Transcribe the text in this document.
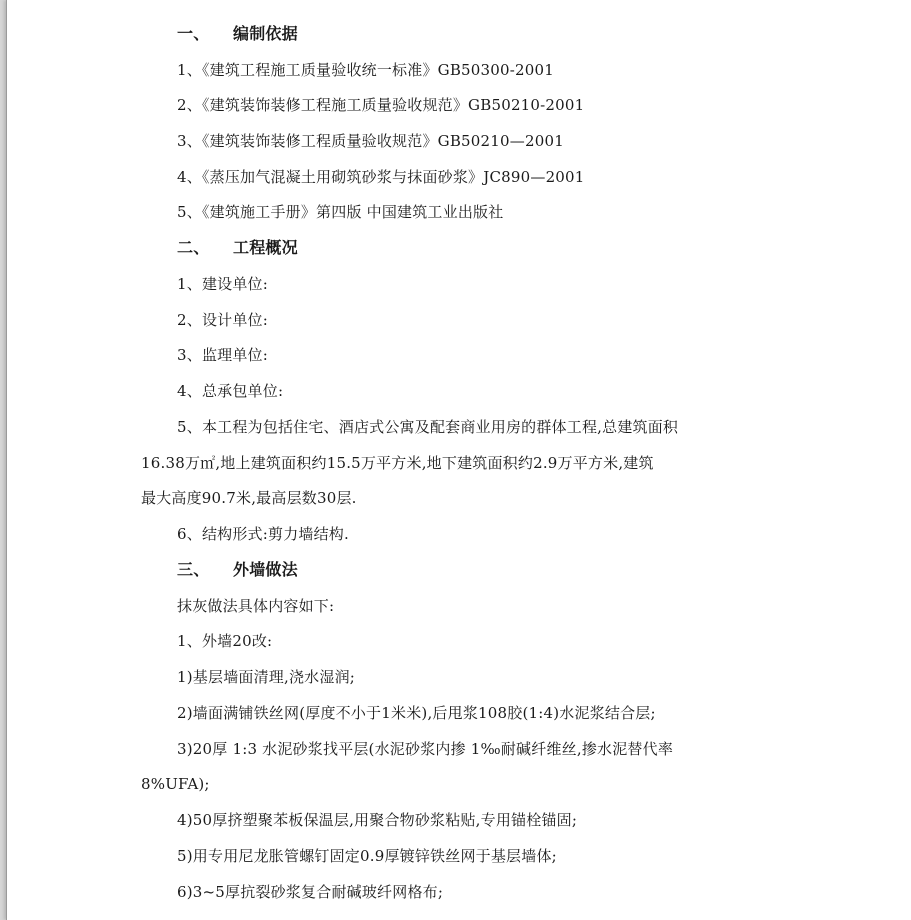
一、 编制依据
1、《建筑工程施工质量验收统一标准》GB50300-2001
2、《建筑装饰装修工程施工质量验收规范》GB50210-2001
3、《建筑装饰装修工程质量验收规范》GB50210—2001
4、《蒸压加气混凝土用砌筑砂浆与抹面砂浆》JC890—2001
5、《建筑施工手册》第四版 中国建筑工业出版社
二、 工程概况
1、建设单位:
2、设计单位:
3、监理单位:
4、总承包单位:
5、本工程为包括住宅、酒店式公寓及配套商业用房的群体工程,总建筑面积
16.38万㎡,地上建筑面积约15.5万平方米,地下建筑面积约2.9万平方米,建筑
最大高度90.7米,最高层数30层.
6、结构形式:剪力墙结构.
三、 外墙做法
抹灰做法具体内容如下:
1、外墙20改:
1)基层墙面清理,浇水湿润;
2)墙面满铺铁丝网(厚度不小于1米米),后甩浆108胶(1:4)水泥浆结合层;
3)20厚 1:3 水泥砂浆找平层(水泥砂浆内掺 1‰耐碱纤维丝,掺水泥替代率
8%UFA);
4)50厚挤塑聚苯板保温层,用聚合物砂浆粘贴,专用锚栓锚固;
5)用专用尼龙胀管螺钉固定0.9厚镀锌铁丝网于基层墙体;
6)3~5厚抗裂砂浆复合耐碱玻纤网格布;
